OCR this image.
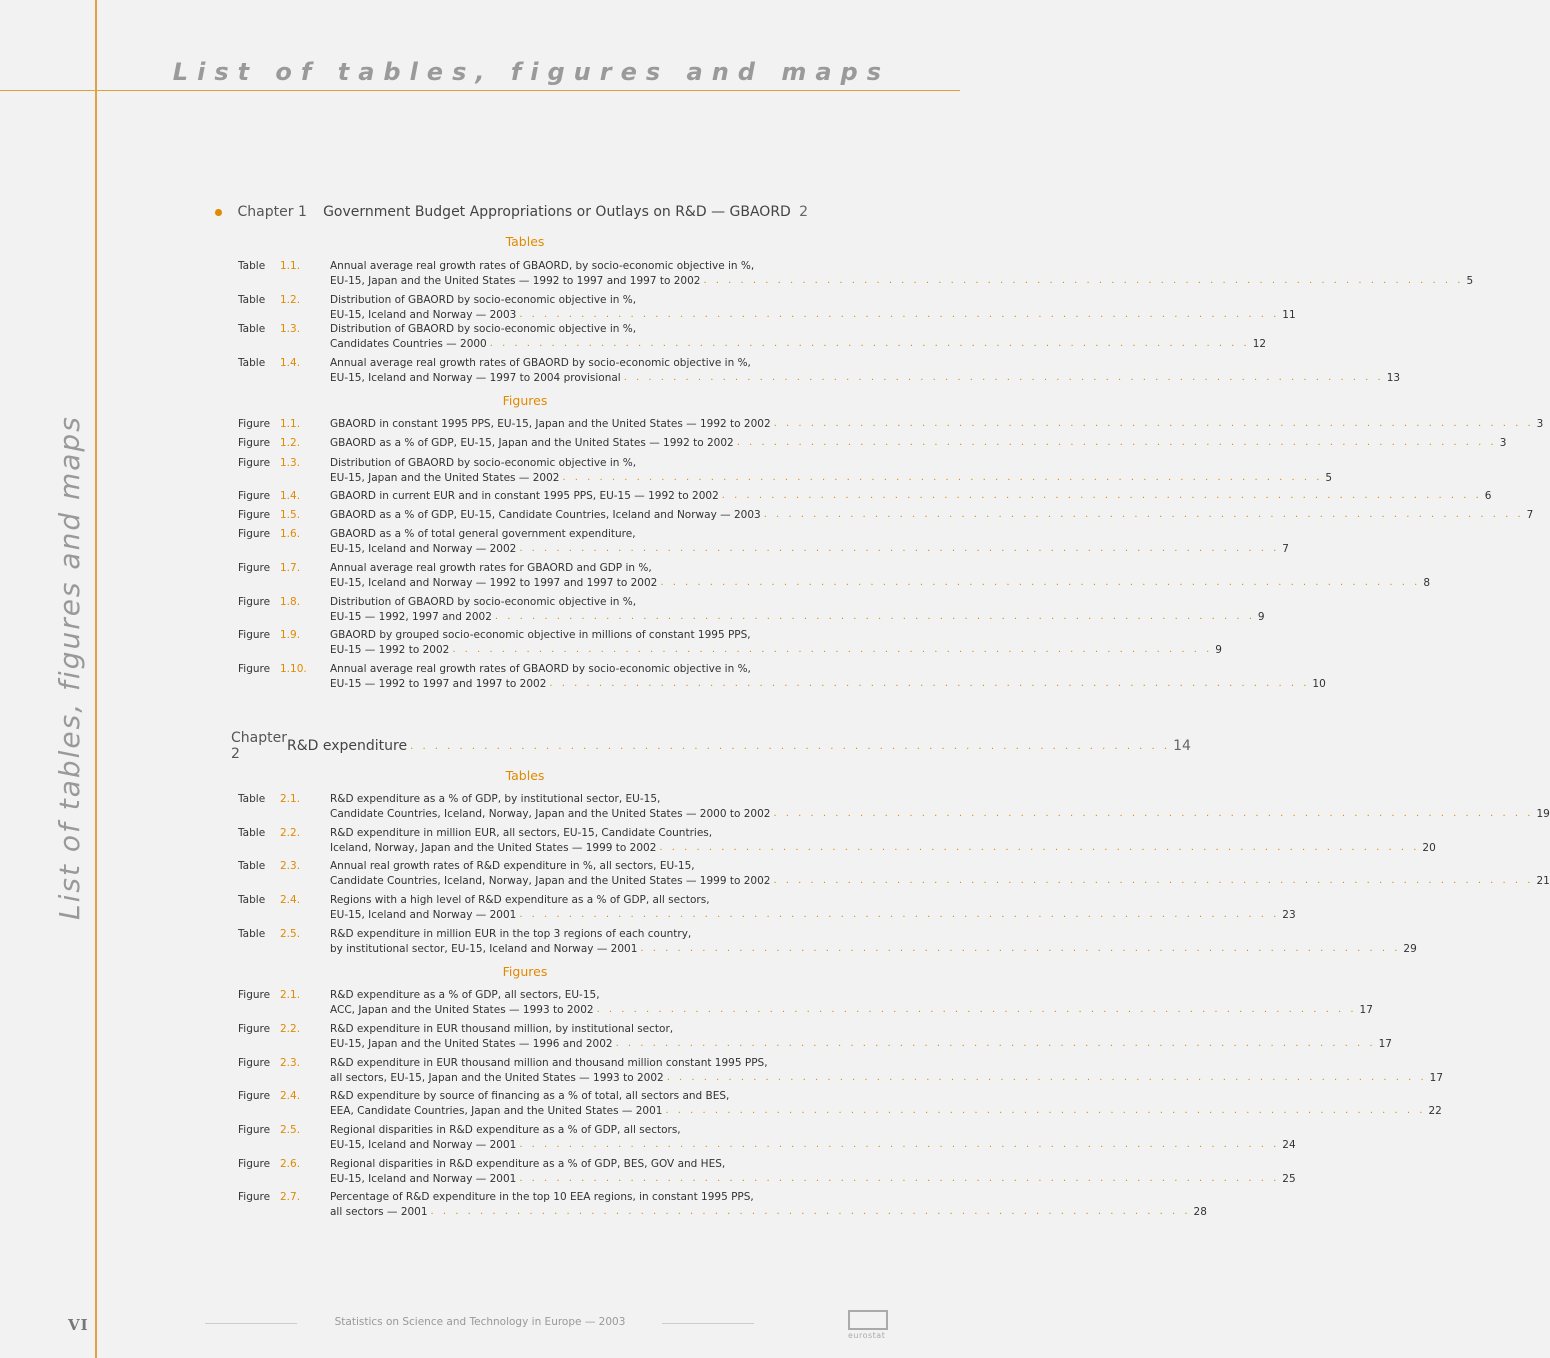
List of tables, figures and maps
List of tables, figures and maps
Chapter 1	Government Budget Appropriations or Outlays on R&D — GBAORD 2
Tables
Table	1.1.	Annual average real growth rates of GBAORD, by socio-economic objective in %,
EU-15, Japan and the United States — 1992 to 1997 and 1997 to 2002 . . . . . . . . . . . . . . . . . . . . . . . . . . . . . . . . . . . . . . . . . . . . . . . . . . . . . . . . . . . . . . 5
Table	1.2.	Distribution of GBAORD by socio-economic objective in %,
EU-15, Iceland and Norway — 2003 . . . . . . . . . . . . . . . . . . . . . . . . . . . . . . . . . . . . . . . . . . . . . . . . . . . . . . . . . . . . . . 11
Table	1.3.	Distribution of GBAORD by socio-economic objective in %,
Candidates Countries — 2000 . . . . . . . . . . . . . . . . . . . . . . . . . . . . . . . . . . . . . . . . . . . . . . . . . . . . . . . . . . . . . . 12
Table	1.4.	Annual average real growth rates of GBAORD by socio-economic objective in %,
EU-15, Iceland and Norway — 1997 to 2004 provisional . . . . . . . . . . . . . . . . . . . . . . . . . . . . . . . . . . . . . . . . . . . . . . . . . . . . . . . . . . . . . . 13
Figures
Figure 1.1.	GBAORD in constant 1995 PPS, EU-15, Japan and the United States — 1992 to 2002 . . . . . . . . . . . . . . . . . . . . . . . . . . . . . . . . . . . . . . . . . . . . . . . . . . . . . . . . . . . . . . 3
Figure 1.2.	GBAORD as a % of GDP, EU-15, Japan and the United States — 1992 to 2002 . . . . . . . . . . . . . . . . . . . . . . . . . . . . . . . . . . . . . . . . . . . . . . . . . . . . . . . . . . . . . . 3
Figure 1.3.	Distribution of GBAORD by socio-economic objective in %,
EU-15, Japan and the United States — 2002 . . . . . . . . . . . . . . . . . . . . . . . . . . . . . . . . . . . . . . . . . . . . . . . . . . . . . . . . . . . . . . 5
Figure 1.4.	GBAORD in current EUR and in constant 1995 PPS, EU-15 — 1992 to 2002 . . . . . . . . . . . . . . . . . . . . . . . . . . . . . . . . . . . . . . . . . . . . . . . . . . . . . . . . . . . . . . 6
Figure 1.5.	GBAORD as a % of GDP, EU-15, Candidate Countries, Iceland and Norway — 2003 . . . . . . . . . . . . . . . . . . . . . . . . . . . . . . . . . . . . . . . . . . . . . . . . . . . . . . . . . . . . . . 7
Figure 1.6.	GBAORD as a % of total general government expenditure,
EU-15, Iceland and Norway — 2002 . . . . . . . . . . . . . . . . . . . . . . . . . . . . . . . . . . . . . . . . . . . . . . . . . . . . . . . . . . . . . . 7
Figure 1.7.	Annual average real growth rates for GBAORD and GDP in %,
EU-15, Iceland and Norway — 1992 to 1997 and 1997 to 2002 . . . . . . . . . . . . . . . . . . . . . . . . . . . . . . . . . . . . . . . . . . . . . . . . . . . . . . . . . . . . . . 8
Figure 1.8.	Distribution of GBAORD by socio-economic objective in %,
EU-15 — 1992, 1997 and 2002 . . . . . . . . . . . . . . . . . . . . . . . . . . . . . . . . . . . . . . . . . . . . . . . . . . . . . . . . . . . . . . 9
Figure 1.9.	GBAORD by grouped socio-economic objective in millions of constant 1995 PPS,
EU-15 — 1992 to 2002 . . . . . . . . . . . . . . . . . . . . . . . . . . . . . . . . . . . . . . . . . . . . . . . . . . . . . . . . . . . . . . 9
Figure 1.10.	Annual average real growth rates of GBAORD by socio-economic objective in %,
EU-15 — 1992 to 1997 and 1997 to 2002 . . . . . . . . . . . . . . . . . . . . . . . . . . . . . . . . . . . . . . . . . . . . . . . . . . . . . . . . . . . . . . 10
Chapter 2	R&D expenditure . . . . . . . . . . . . . . . . . . . . . . . . . . . . . . . . . . . . . . . . . . . . . . . . . . . . . . . . . . . . . . 14
Tables
Table	2.1.	R&D expenditure as a % of GDP, by institutional sector, EU-15,
Candidate Countries, Iceland, Norway, Japan and the United States — 2000 to 2002 . . . . . . . . . . . . . . . . . . . . . . . . . . . . . . . . . . . . . . . . . . . . . . . . . . . . . . . . . . . . . . 19
Table	2.2.	R&D expenditure in million EUR, all sectors, EU-15, Candidate Countries,
Iceland, Norway, Japan and the United States — 1999 to 2002 . . . . . . . . . . . . . . . . . . . . . . . . . . . . . . . . . . . . . . . . . . . . . . . . . . . . . . . . . . . . . . 20
Table	2.3.	Annual real growth rates of R&D expenditure in %, all sectors, EU-15,
Candidate Countries, Iceland, Norway, Japan and the United States — 1999 to 2002 . . . . . . . . . . . . . . . . . . . . . . . . . . . . . . . . . . . . . . . . . . . . . . . . . . . . . . . . . . . . . . 21
Table	2.4.	Regions with a high level of R&D expenditure as a % of GDP, all sectors,
EU-15, Iceland and Norway — 2001 . . . . . . . . . . . . . . . . . . . . . . . . . . . . . . . . . . . . . . . . . . . . . . . . . . . . . . . . . . . . . . 23
Table	2.5.	R&D expenditure in million EUR in the top 3 regions of each country,
by institutional sector, EU-15, Iceland and Norway — 2001 . . . . . . . . . . . . . . . . . . . . . . . . . . . . . . . . . . . . . . . . . . . . . . . . . . . . . . . . . . . . . . 29
Figures
Figure 2.1.	R&D expenditure as a % of GDP, all sectors, EU-15,
ACC, Japan and the United States — 1993 to 2002 . . . . . . . . . . . . . . . . . . . . . . . . . . . . . . . . . . . . . . . . . . . . . . . . . . . . . . . . . . . . . . 17
Figure 2.2.	R&D expenditure in EUR thousand million, by institutional sector,
EU-15, Japan and the United States — 1996 and 2002 . . . . . . . . . . . . . . . . . . . . . . . . . . . . . . . . . . . . . . . . . . . . . . . . . . . . . . . . . . . . . . 17
Figure 2.3.	R&D expenditure in EUR thousand million and thousand million constant 1995 PPS,
all sectors, EU-15, Japan and the United States — 1993 to 2002 . . . . . . . . . . . . . . . . . . . . . . . . . . . . . . . . . . . . . . . . . . . . . . . . . . . . . . . . . . . . . . 17
Figure 2.4.	R&D expenditure by source of financing as a % of total, all sectors and BES,
EEA, Candidate Countries, Japan and the United States — 2001 . . . . . . . . . . . . . . . . . . . . . . . . . . . . . . . . . . . . . . . . . . . . . . . . . . . . . . . . . . . . . . 22
Figure 2.5.	Regional disparities in R&D expenditure as a % of GDP, all sectors,
EU-15, Iceland and Norway — 2001 . . . . . . . . . . . . . . . . . . . . . . . . . . . . . . . . . . . . . . . . . . . . . . . . . . . . . . . . . . . . . . 24
Figure 2.6.	Regional disparities in R&D expenditure as a % of GDP, BES, GOV and HES,
EU-15, Iceland and Norway — 2001 . . . . . . . . . . . . . . . . . . . . . . . . . . . . . . . . . . . . . . . . . . . . . . . . . . . . . . . . . . . . . . 25
Figure 2.7.	Percentage of R&D expenditure in the top 10 EEA regions, in constant 1995 PPS,
all sectors — 2001 . . . . . . . . . . . . . . . . . . . . . . . . . . . . . . . . . . . . . . . . . . . . . . . . . . . . . . . . . . . . . . 28
VI	Statistics on Science and Technology in Europe — 2003
eurostat
